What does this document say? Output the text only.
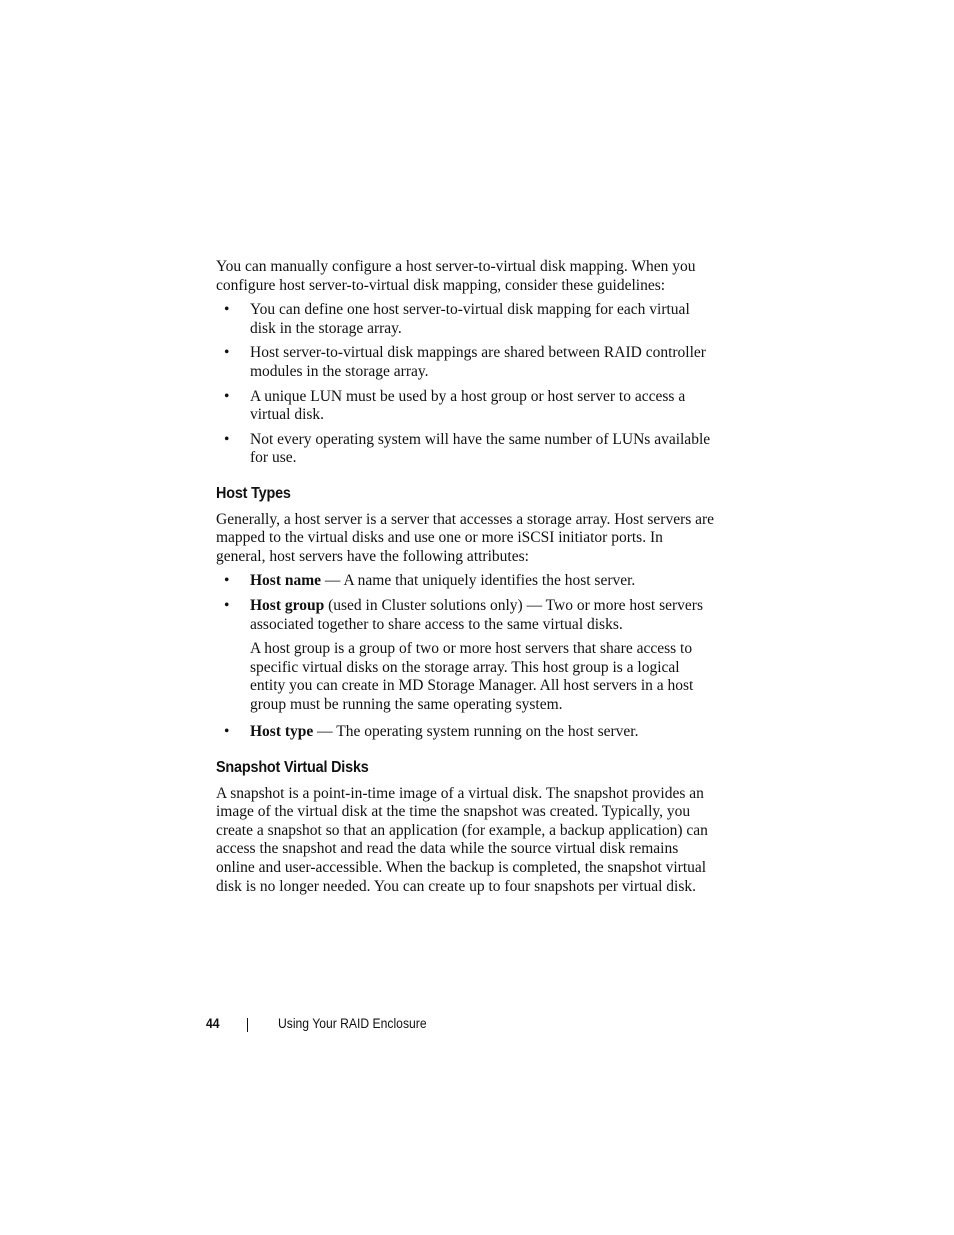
You can manually configure a host server-to-virtual disk mapping. When you configure host server-to-virtual disk mapping, consider these guidelines:

• You can define one host server-to-virtual disk mapping for each virtual disk in the storage array.
• Host server-to-virtual disk mappings are shared between RAID controller modules in the storage array.
• A unique LUN must be used by a host group or host server to access a virtual disk.
• Not every operating system will have the same number of LUNs available for use.
Host Types

Generally, a host server is a server that accesses a storage array. Host servers are mapped to the virtual disks and use one or more iSCSI initiator ports. In general, host servers have the following attributes:

• Host name — A name that uniquely identifies the host server.
• Host group (used in Cluster solutions only) — Two or more host servers associated together to share access to the same virtual disks.
A host group is a group of two or more host servers that share access to specific virtual disks on the storage array. This host group is a logical entity you can create in MD Storage Manager. All host servers in a host group must be running the same operating system.
• Host type — The operating system running on the host server.
Snapshot Virtual Disks

A snapshot is a point-in-time image of a virtual disk. The snapshot provides an image of the virtual disk at the time the snapshot was created. Typically, you create a snapshot so that an application (for example, a backup application) can access the snapshot and read the data while the source virtual disk remains online and user-accessible. When the backup is completed, the snapshot virtual disk is no longer needed. You can create up to four snapshots per virtual disk.

44	Using Your RAID Enclosure
